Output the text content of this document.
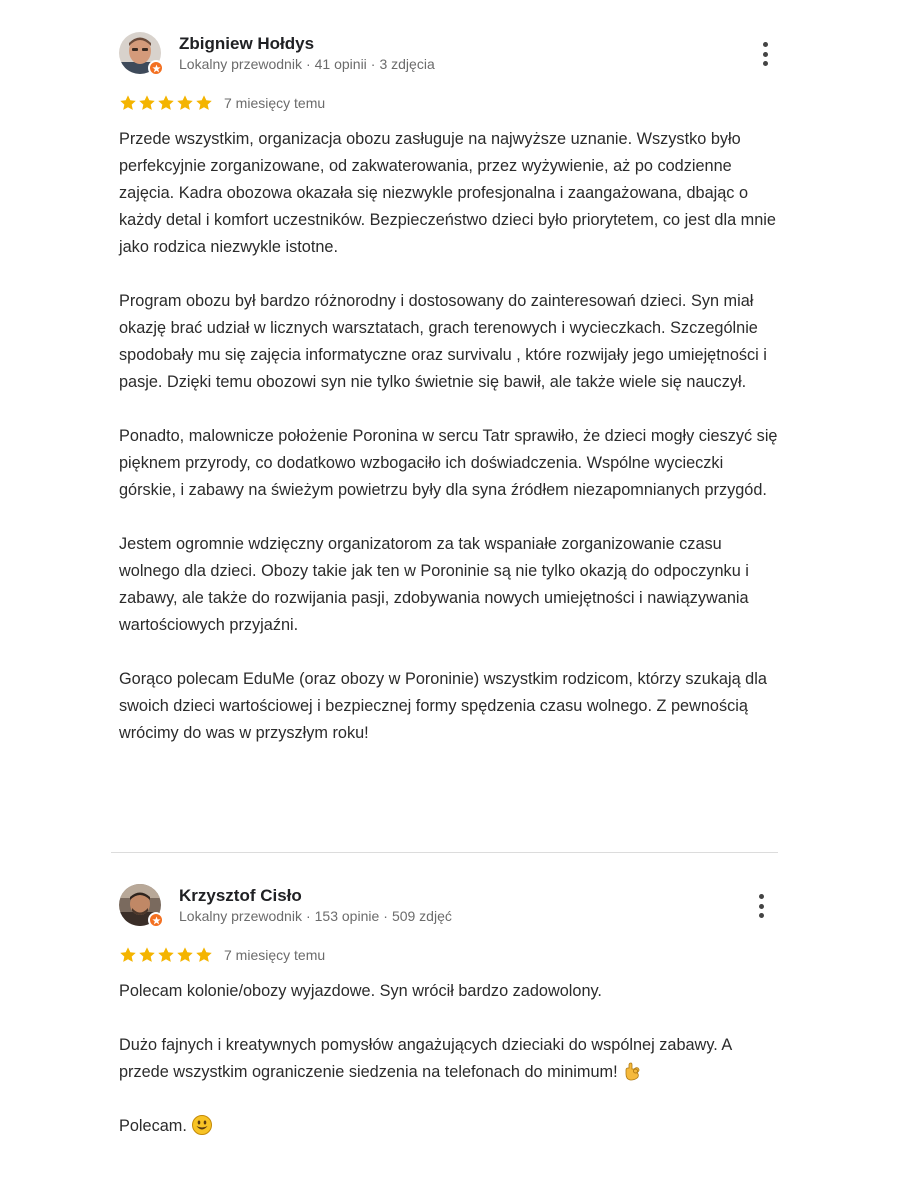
Zbigniew Hołdys
Lokalny przewodnik · 41 opinii · 3 zdjęcia
7 miesięcy temu

Przede wszystkim, organizacja obozu zasługuje na najwyższe uznanie. Wszystko było perfekcyjnie zorganizowane, od zakwaterowania, przez wyżywienie, aż po codzienne zajęcia. Kadra obozowa okazała się niezwykle profesjonalna i zaangażowana, dbając o każdy detal i komfort uczestników. Bezpieczeństwo dzieci było priorytetem, co jest dla mnie jako rodzica niezwykle istotne.

Program obozu był bardzo różnorodny i dostosowany do zainteresowań dzieci. Syn miał okazję brać udział w licznych warsztatach, grach terenowych i wycieczkach. Szczególnie spodobały mu się zajęcia informatyczne oraz survivalu , które rozwijały jego umiejętności i pasje. Dzięki temu obozowi syn nie tylko świetnie się bawił, ale także wiele się nauczył.

Ponadto, malownicze położenie Poronina w sercu Tatr sprawiło, że dzieci mogły cieszyć się pięknem przyrody, co dodatkowo wzbogaciło ich doświadczenia. Wspólne wycieczki górskie, i zabawy na świeżym powietrzu były dla syna źródłem niezapomnianych przygód.

Jestem ogromnie wdzięczny organizatorom za tak wspaniałe zorganizowanie czasu wolnego dla dzieci. Obozy takie jak ten w Poroninie są nie tylko okazją do odpoczynku i zabawy, ale także do rozwijania pasji, zdobywania nowych umiejętności i nawiązywania wartościowych przyjaźni.

Gorąco polecam EduMe (oraz obozy w Poroninie) wszystkim rodzicom, którzy szukają dla swoich dzieci wartościowej i bezpiecznej formy spędzenia czasu wolnego. Z pewnością wrócimy do was w przyszłym roku!

Krzysztof Cisło
Lokalny przewodnik · 153 opinie · 509 zdjęć
7 miesięcy temu

Polecam kolonie/obozy wyjazdowe. Syn wrócił bardzo zadowolony.

Dużo fajnych i kreatywnych pomysłów angażujących dzieciaki do wspólnej zabawy. A przede wszystkim ograniczenie siedzenia na telefonach do minimum!

Polecam.
